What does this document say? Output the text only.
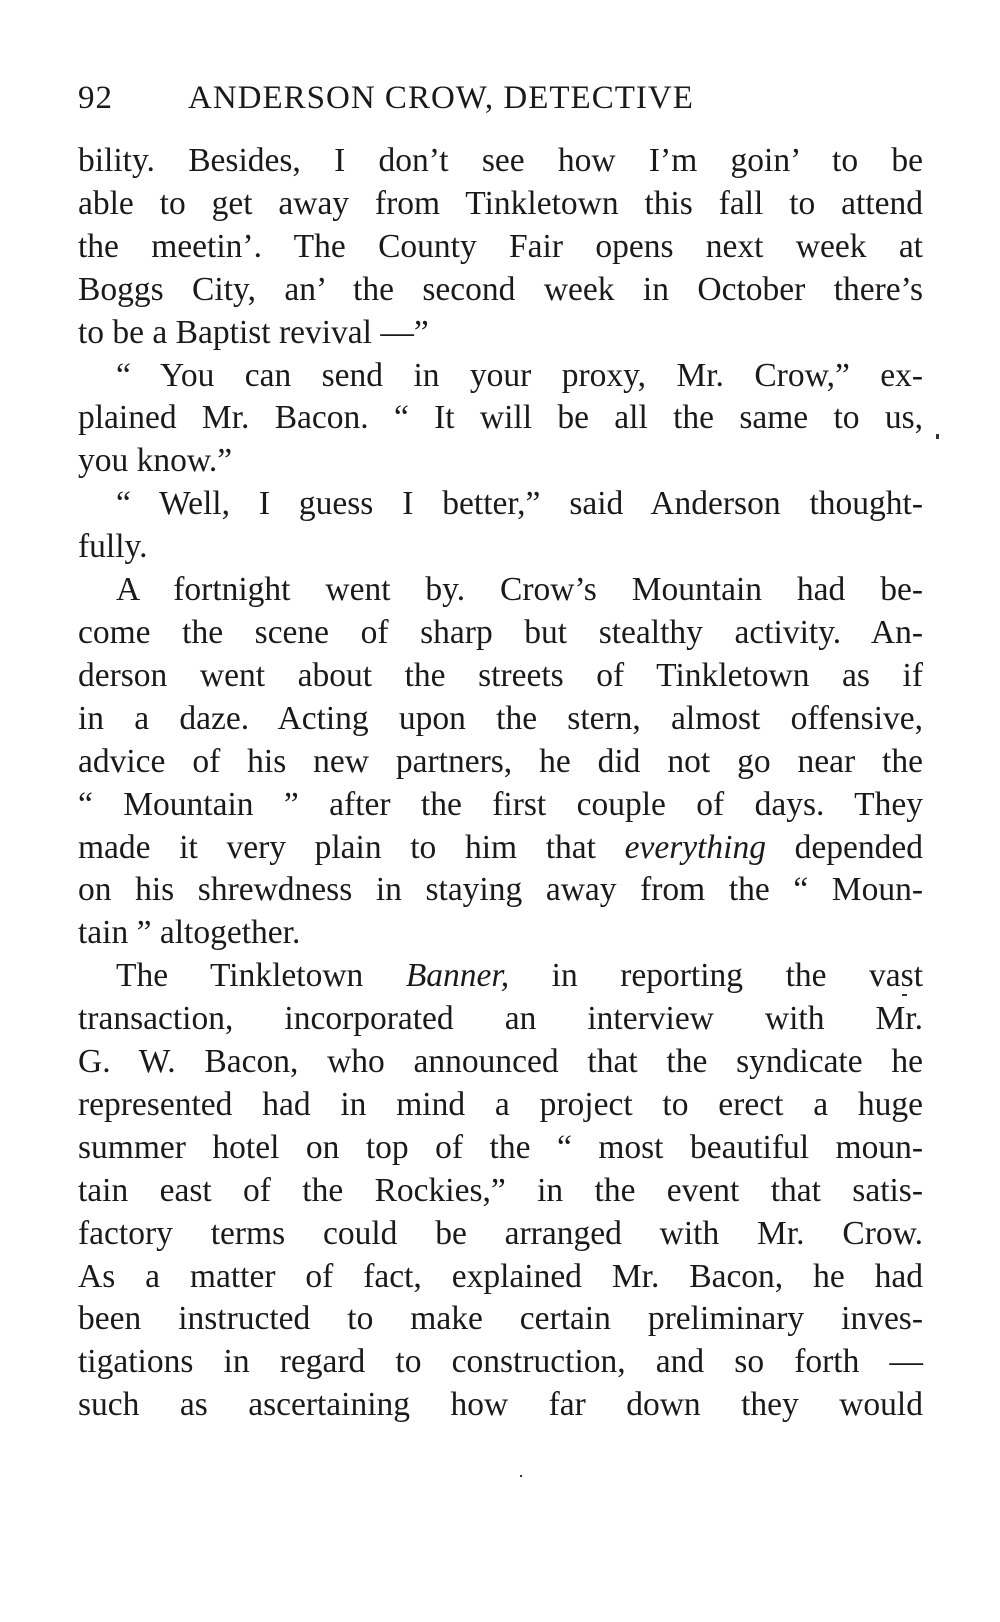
92 ANDERSON CROW, DETECTIVE
bility. Besides, I don’t see how I’m goin’ to be
able to get away from Tinkletown this fall to attend
the meetin’. The County Fair opens next week at
Boggs City, an’ the second week in October there’s
to be a Baptist revival —”
“ You can send in your proxy, Mr. Crow,” ex-
plained Mr. Bacon. “ It will be all the same to us,
you know.”
“ Well, I guess I better,” said Anderson thought-
fully.
A fortnight went by. Crow’s Mountain had be-
come the scene of sharp but stealthy activity. An-
derson went about the streets of Tinkletown as if
in a daze. Acting upon the stern, almost offensive,
advice of his new partners, he did not go near the
“ Mountain ” after the first couple of days. They
made it very plain to him that everything depended
on his shrewdness in staying away from the “ Moun-
tain ” altogether.
The Tinkletown Banner, in reporting the vast
transaction, incorporated an interview with Mr.
G. W. Bacon, who announced that the syndicate he
represented had in mind a project to erect a huge
summer hotel on top of the “ most beautiful moun-
tain east of the Rockies,” in the event that satis-
factory terms could be arranged with Mr. Crow.
As a matter of fact, explained Mr. Bacon, he had
been instructed to make certain preliminary inves-
tigations in regard to construction, and so forth —
such as ascertaining how far down they would
